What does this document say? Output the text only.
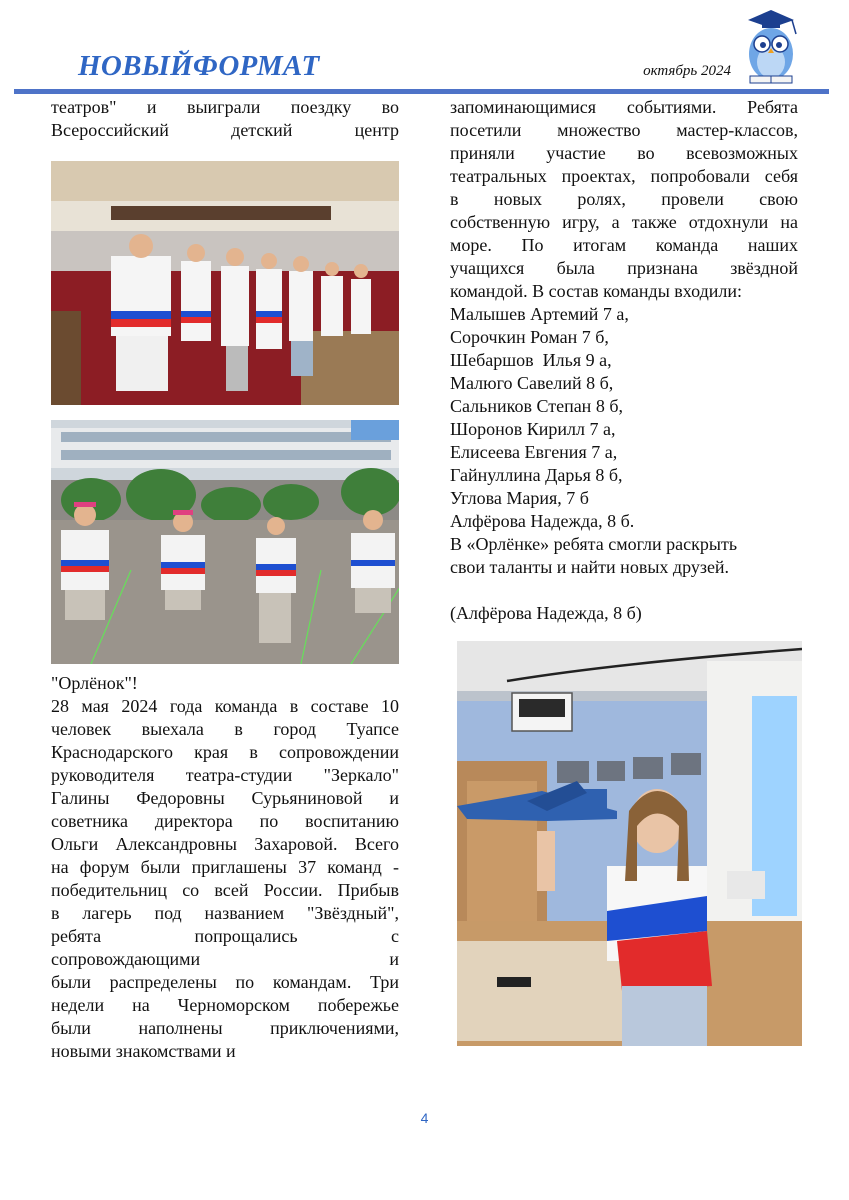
НОВЫЙФОРМАТ	октябрь 2024

театров" и выиграли поездку во

Всероссийский детский центр

"Орлёнок"!

28 мая 2024 года команда в составе 10

человек выехала в город Туапсе

Краснодарского края в сопровождении

руководителя театра-студии "Зеркало"

Галины Федоровны Сурьяниновой и

советника директора по воспитанию

Ольги Александровны Захаровой. Всего

на форум были приглашены 37 команд -

победительниц со всей России. Прибыв

в лагерь под названием "Звёздный",

ребята попрощались с

сопровождающими и

были распределены по командам. Три

недели на Черноморском побережье

были наполнены приключениями,

новыми знакомствами и

запоминающимися событиями. Ребята

посетили множество мастер-классов,

приняли участие во всевозможных

театральных проектах, попробовали себя

в новых ролях, провели свою

собственную игру, а также отдохнули на

море. По итогам команда наших

учащихся была признана звёздной

командой. В состав команды входили:

Малышев Артемий 7 а,

Сорочкин Роман 7 б,

Шебаршов  Илья 9 а,

Малюго Савелий 8 б,

Сальников Степан 8 б,

Шоронов Кирилл 7 а,

Елисеева Евгения 7 а,

Гайнуллина Дарья 8 б,

Углова Мария, 7 б

Алфёрова Надежда, 8 б.

В «Орлёнке» ребята смогли раскрыть

свои таланты и найти новых друзей.

(Алфёрова Надежда, 8 б)

4
